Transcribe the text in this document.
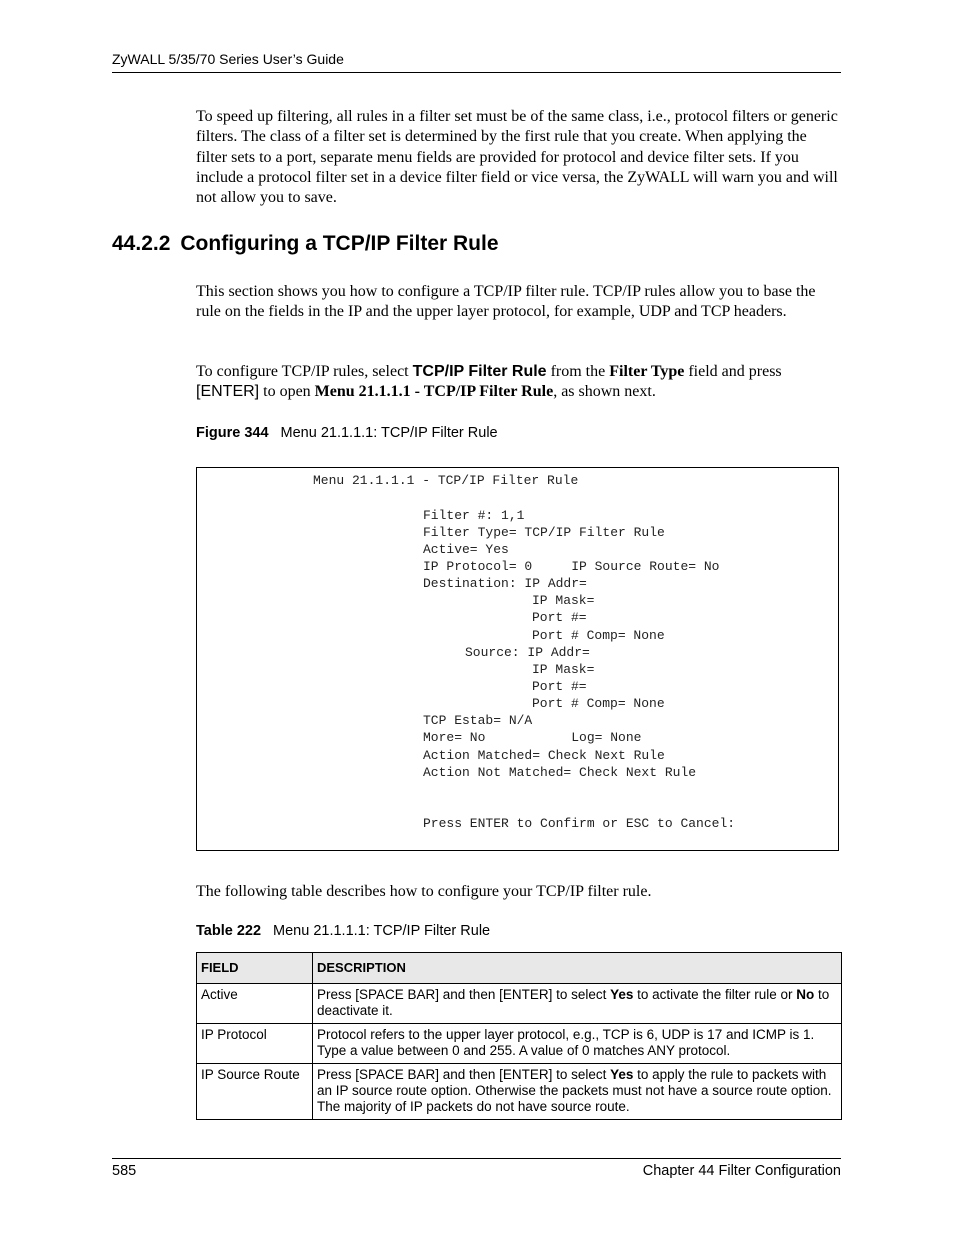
ZyWALL 5/35/70 Series User’s Guide

To speed up filtering, all rules in a filter set must be of the same class, i.e., protocol filters or generic filters. The class of a filter set is determined by the first rule that you create. When applying the filter sets to a port, separate menu fields are provided for protocol and device filter sets. If you include a protocol filter set in a device filter field or vice versa, the ZyWALL will warn you and will not allow you to save.

44.2.2 Configuring a TCP/IP Filter Rule

This section shows you how to configure a TCP/IP filter rule. TCP/IP rules allow you to base the rule on the fields in the IP and the upper layer protocol, for example, UDP and TCP headers.

To configure TCP/IP rules, select TCP/IP Filter Rule from the Filter Type field and press [ENTER] to open Menu 21.1.1.1 - TCP/IP Filter Rule, as shown next.

Figure 344 Menu 21.1.1.1: TCP/IP Filter Rule
Menu 21.1.1.1 - TCP/IP Filter Rule
Filter #: 1,1
Filter Type= TCP/IP Filter Rule
Active= Yes
IP Protocol= 0     IP Source Route= No
Destination: IP Addr=
IP Mask=
Port #=
Port # Comp= None
Source: IP Addr=
IP Mask=
Port #=
Port # Comp= None
TCP Estab= N/A
More= No           Log= None
Action Matched= Check Next Rule
Action Not Matched= Check Next Rule
Press ENTER to Confirm or ESC to Cancel:

The following table describes how to configure your TCP/IP filter rule.

Table 222 Menu 21.1.1.1: TCP/IP Filter Rule
FIELD	DESCRIPTION
Active	Press [SPACE BAR] and then [ENTER] to select Yes to activate the filter rule or No to deactivate it.
IP Protocol	Protocol refers to the upper layer protocol, e.g., TCP is 6, UDP is 17 and ICMP is 1. Type a value between 0 and 255. A value of 0 matches ANY protocol.
IP Source Route	Press [SPACE BAR] and then [ENTER] to select Yes to apply the rule to packets with an IP source route option. Otherwise the packets must not have a source route option. The majority of IP packets do not have source route.
585	Chapter 44 Filter Configuration
